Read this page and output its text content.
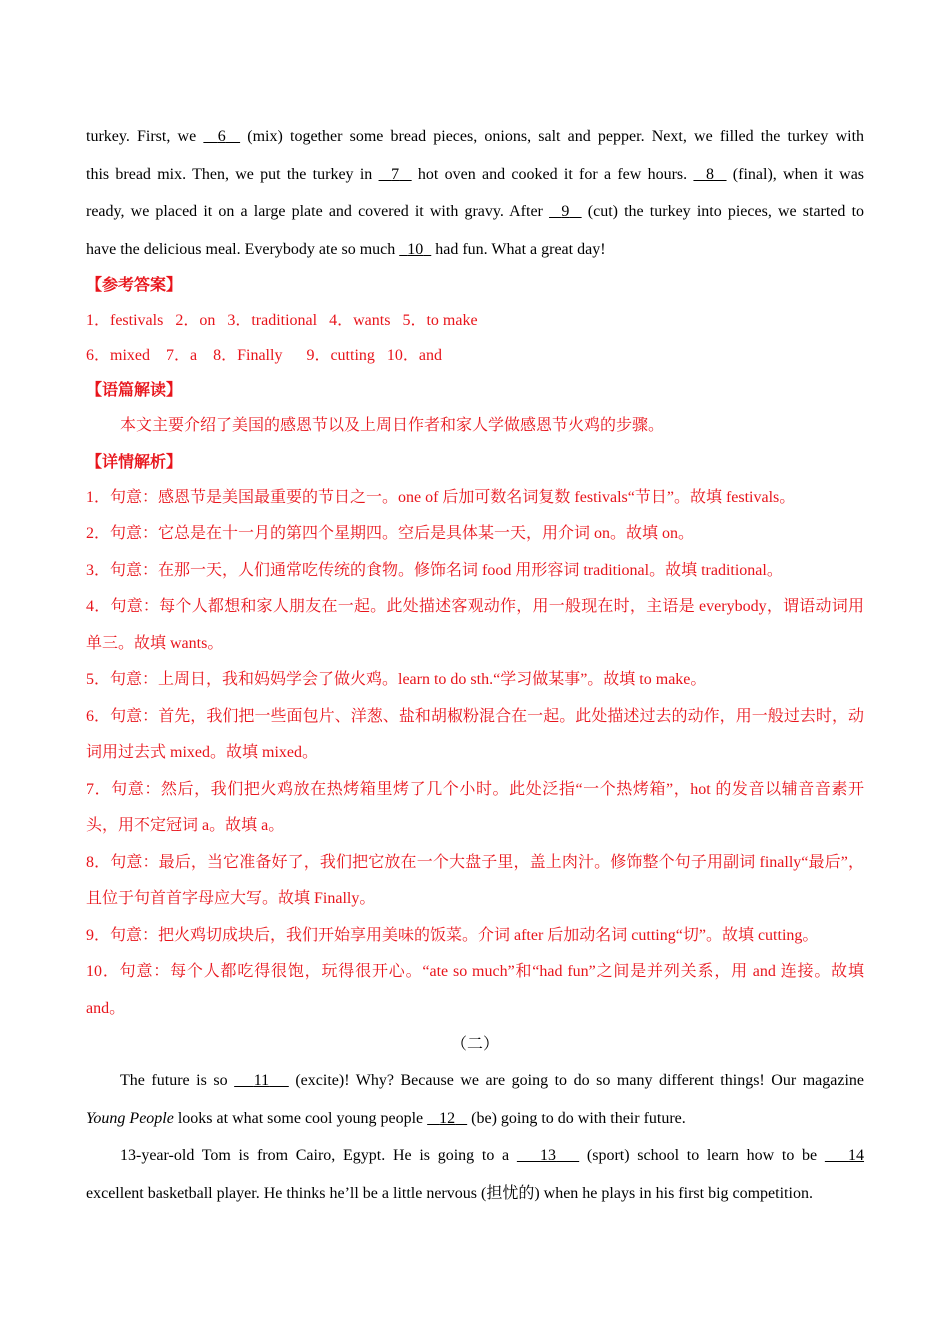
turkey. First, we   6   (mix) together some bread pieces, onions, salt and pepper. Next, we filled the turkey with

this bread mix. Then, we put the turkey in   7   hot oven and cooked it for a few hours.   8   (final), when it was

ready, we placed it on a large plate and covered it with gravy. After   9   (cut) the turkey into pieces, we started to

have the delicious meal. Everybody ate so much   10   had fun. What a great day!

【参考答案】

1．festivals 2．on 3．traditional 4．wants 5．to make

6．mixed 7．a 8．Finally 9．cutting 10．and

【语篇解读】

本文主要介绍了美国的感恩节以及上周日作者和家人学做感恩节火鸡的步骤。

【详情解析】

1．句意：感恩节是美国最重要的节日之一。one of 后加可数名词复数 festivals“节日”。故填 festivals。

2．句意：它总是在十一月的第四个星期四。空后是具体某一天，用介词 on。故填 on。

3．句意：在那一天，人们通常吃传统的食物。修饰名词 food 用形容词 traditional。故填 traditional。

4．句意：每个人都想和家人朋友在一起。此处描述客观动作，用一般现在时，主语是 everybody，谓语动词用单三。故填 wants。

5．句意：上周日，我和妈妈学会了做火鸡。learn to do sth.“学习做某事”。故填 to make。

6．句意：首先，我们把一些面包片、洋葱、盐和胡椒粉混合在一起。此处描述过去的动作，用一般过去时，动词用过去式 mixed。故填 mixed。

7．句意：然后，我们把火鸡放在热烤箱里烤了几个小时。此处泛指“一个热烤箱”，hot 的发音以辅音音素开头，用不定冠词 a。故填 a。

8．句意：最后，当它准备好了，我们把它放在一个大盘子里，盖上肉汁。修饰整个句子用副词 finally“最后”，且位于句首首字母应大写。故填 Finally。

9．句意：把火鸡切成块后，我们开始享用美味的饭菜。介词 after 后加动名词 cutting“切”。故填 cutting。

10．句意：每个人都吃得很饱，玩得很开心。“ate so much”和“had fun”之间是并列关系，用 and 连接。故填 and。

（二）

The future is so    11    (excite)! Why? Because we are going to do so many different things! Our magazine

Young People looks at what some cool young people    12    (be) going to do with their future.

13-year-old Tom is from Cairo, Egypt. He is going to a    13    (sport) school to learn how to be    14

excellent basketball player. He thinks he’ll be a little nervous (担忧的) when he plays in his first big competition.
